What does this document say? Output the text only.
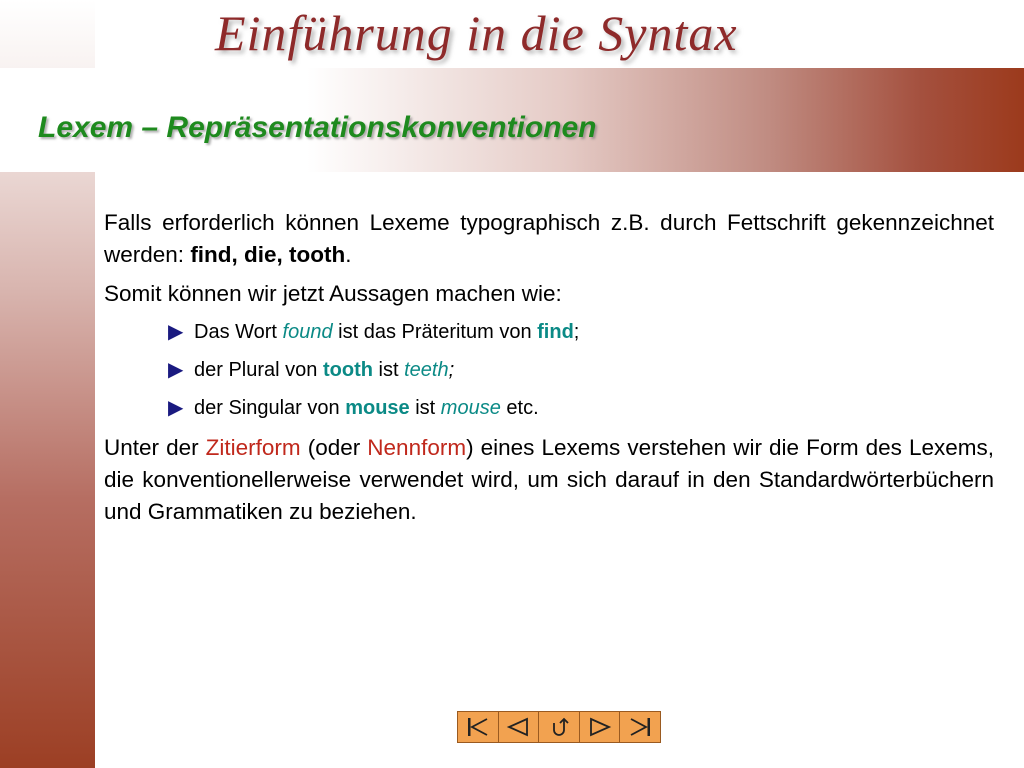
Einführung in die Syntax
Lexem – Repräsentationskonventionen

Falls erforderlich können Lexeme typographisch z.B. durch Fettschrift gekennzeichnet werden: find, die, tooth.

Somit können wir jetzt Aussagen machen wie:

▶ Das Wort found ist das Präteritum von find;
▶ der Plural von tooth ist teeth;
▶ der Singular von mouse ist mouse etc.

Unter der Zitierform (oder Nennform) eines Lexems verstehen wir die Form des Lexems, die konventionellerweise verwendet wird, um sich darauf in den Standardwörterbüchern und Grammatiken zu beziehen.
